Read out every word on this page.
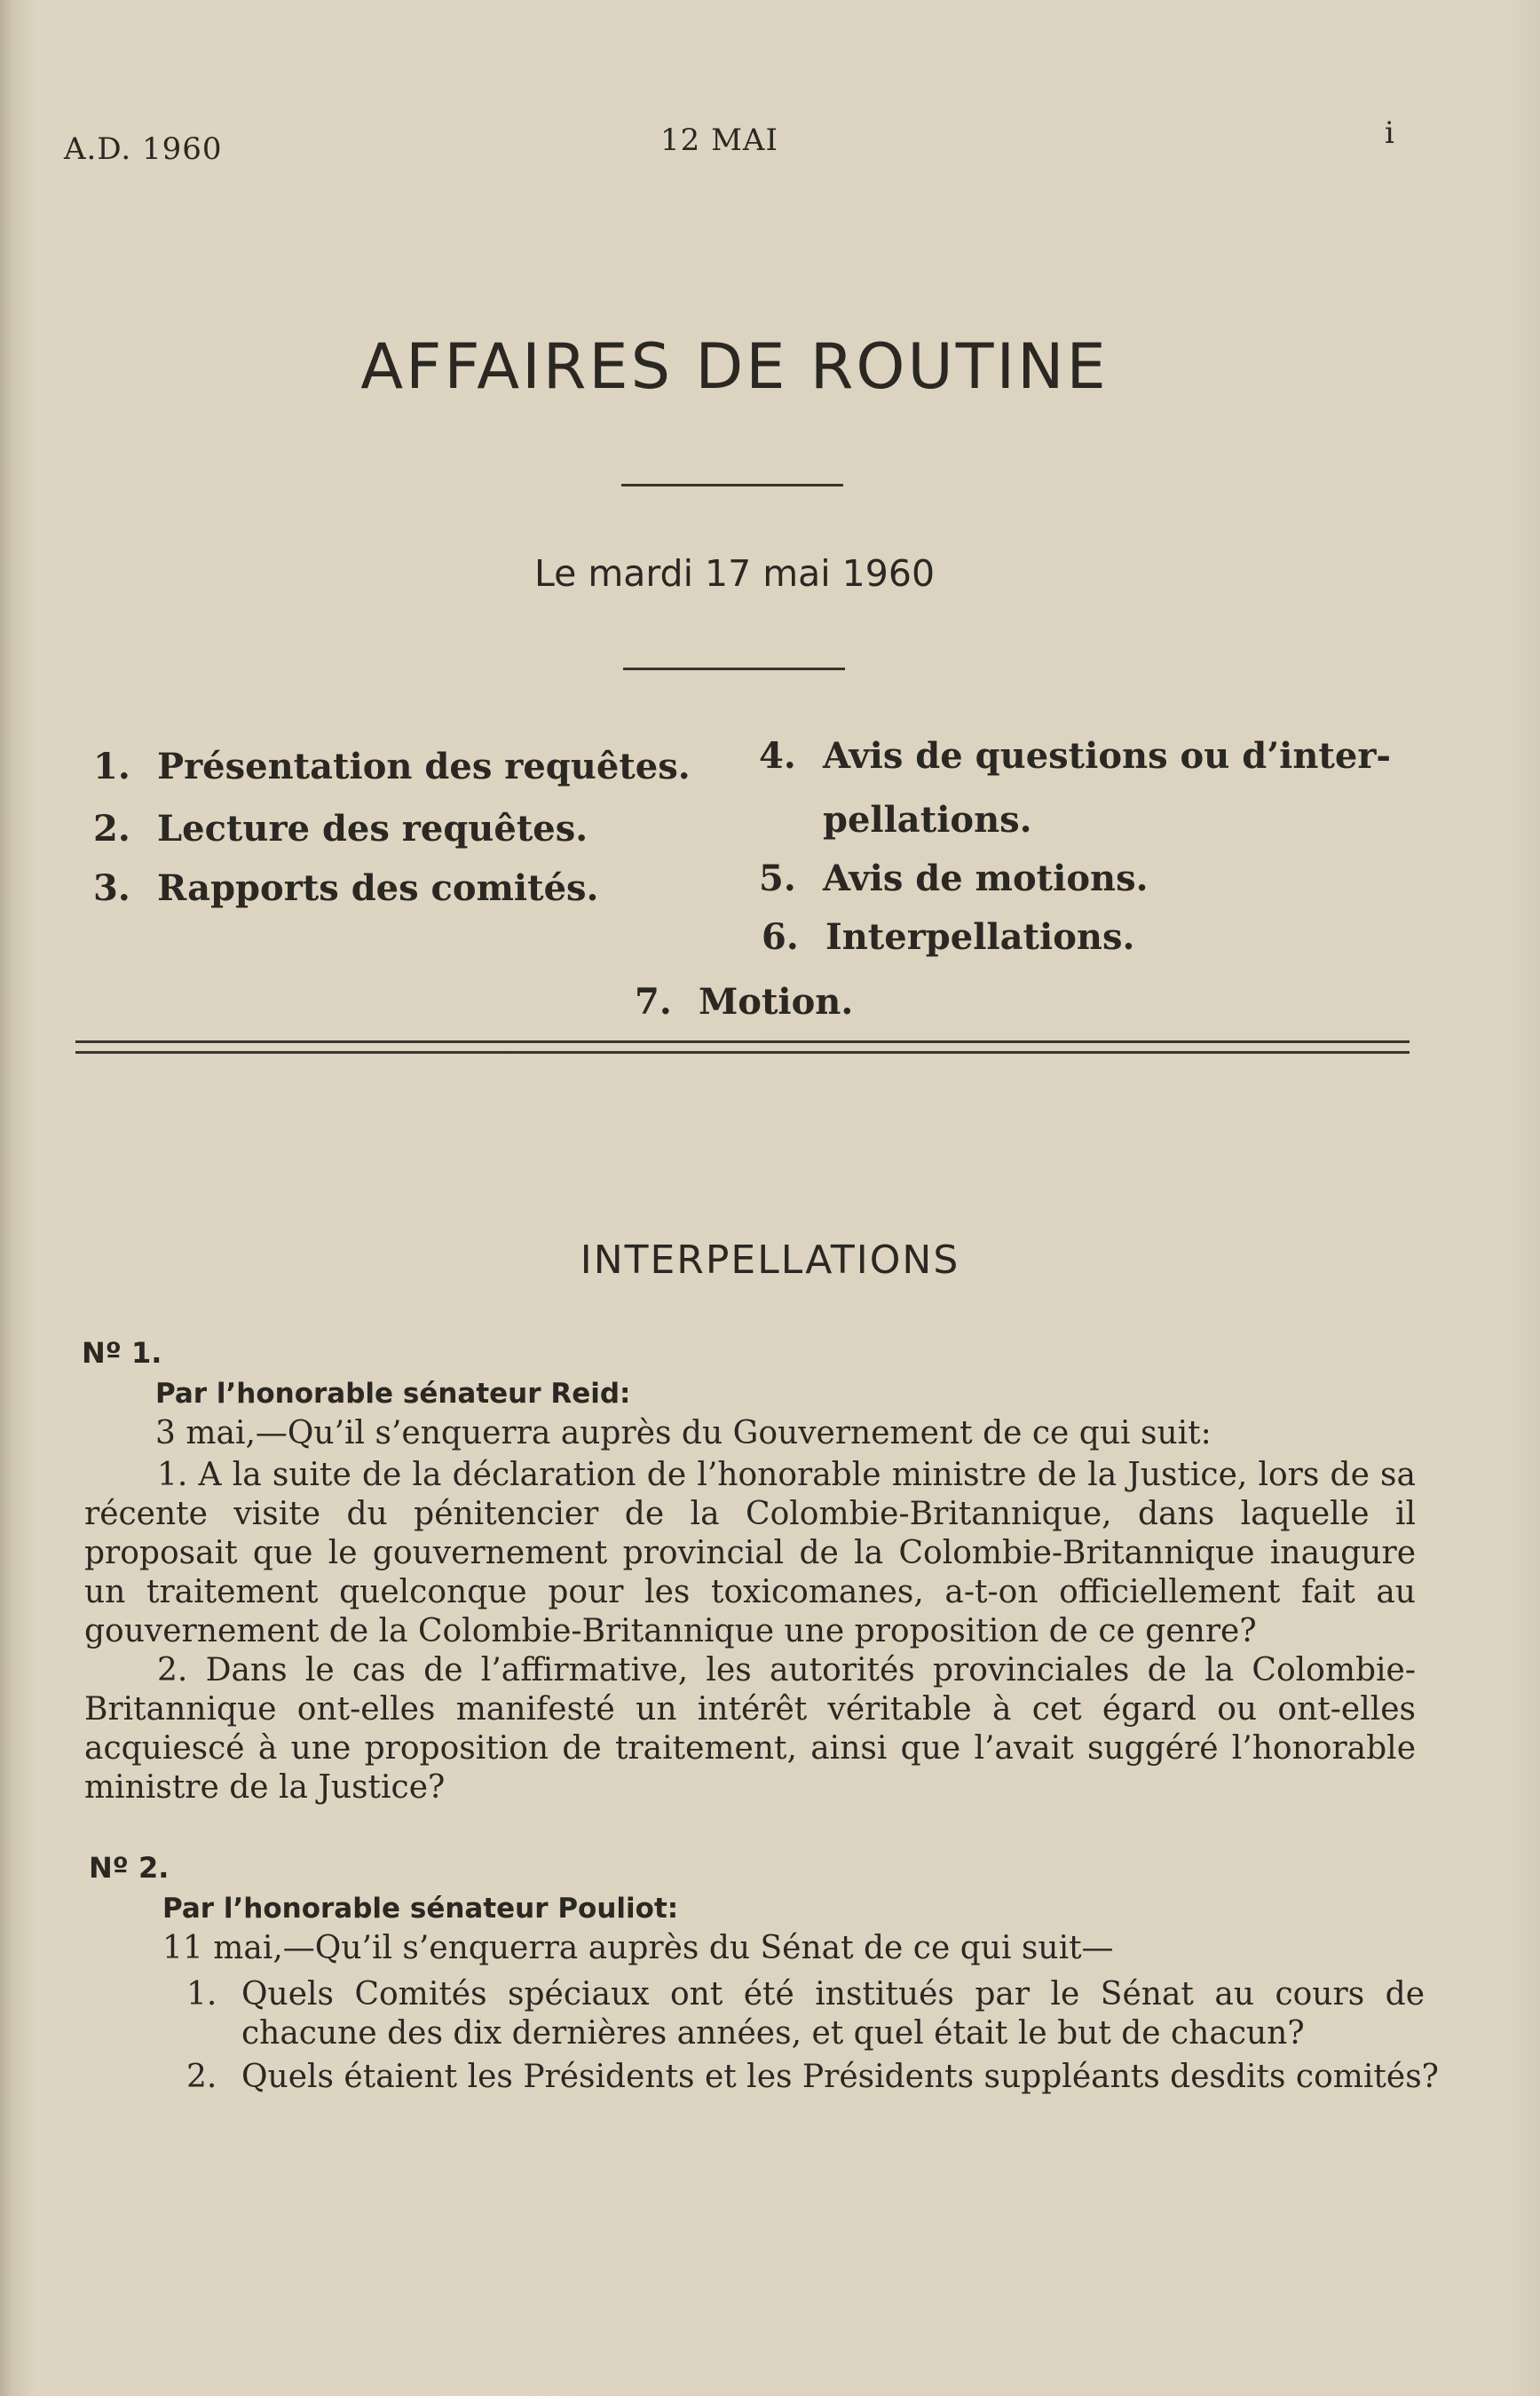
A.D. 1960	12 MAI	i
AFFAIRES DE ROUTINE
Le mardi 17 mai 1960
1. Présentation des requêtes.
2. Lecture des requêtes.
3. Rapports des comités.
4. Avis de questions ou d’inter-
pellations.
5. Avis de motions.
6. Interpellations.
7. Motion.
INTERPELLATIONS
Nº 1.
Par l’honorable sénateur Reid:
3 mai,—Qu’il s’enquerra auprès du Gouvernement de ce qui suit:
1. A la suite de la déclaration de l’honorable ministre de la Justice, lors de sa récente visite du pénitencier de la Colombie-Britannique, dans laquelle il proposait que le gouvernement provincial de la Colombie-Britannique inaugure un traitement quelconque pour les toxicomanes, a-t-on officiellement fait au gouvernement de la Colombie-Britannique une proposition de ce genre?
2. Dans le cas de l’affirmative, les autorités provinciales de la Colombie-Britannique ont-elles manifesté un intérêt véritable à cet égard ou ont-elles acquiescé à une proposition de traitement, ainsi que l’avait suggéré l’honorable ministre de la Justice?
Nº 2.
Par l’honorable sénateur Pouliot:
11 mai,—Qu’il s’enquerra auprès du Sénat de ce qui suit—
1. Quels Comités spéciaux ont été institués par le Sénat au cours de chacune des dix dernières années, et quel était le but de chacun?
2. Quels étaient les Présidents et les Présidents suppléants desdits comités?
